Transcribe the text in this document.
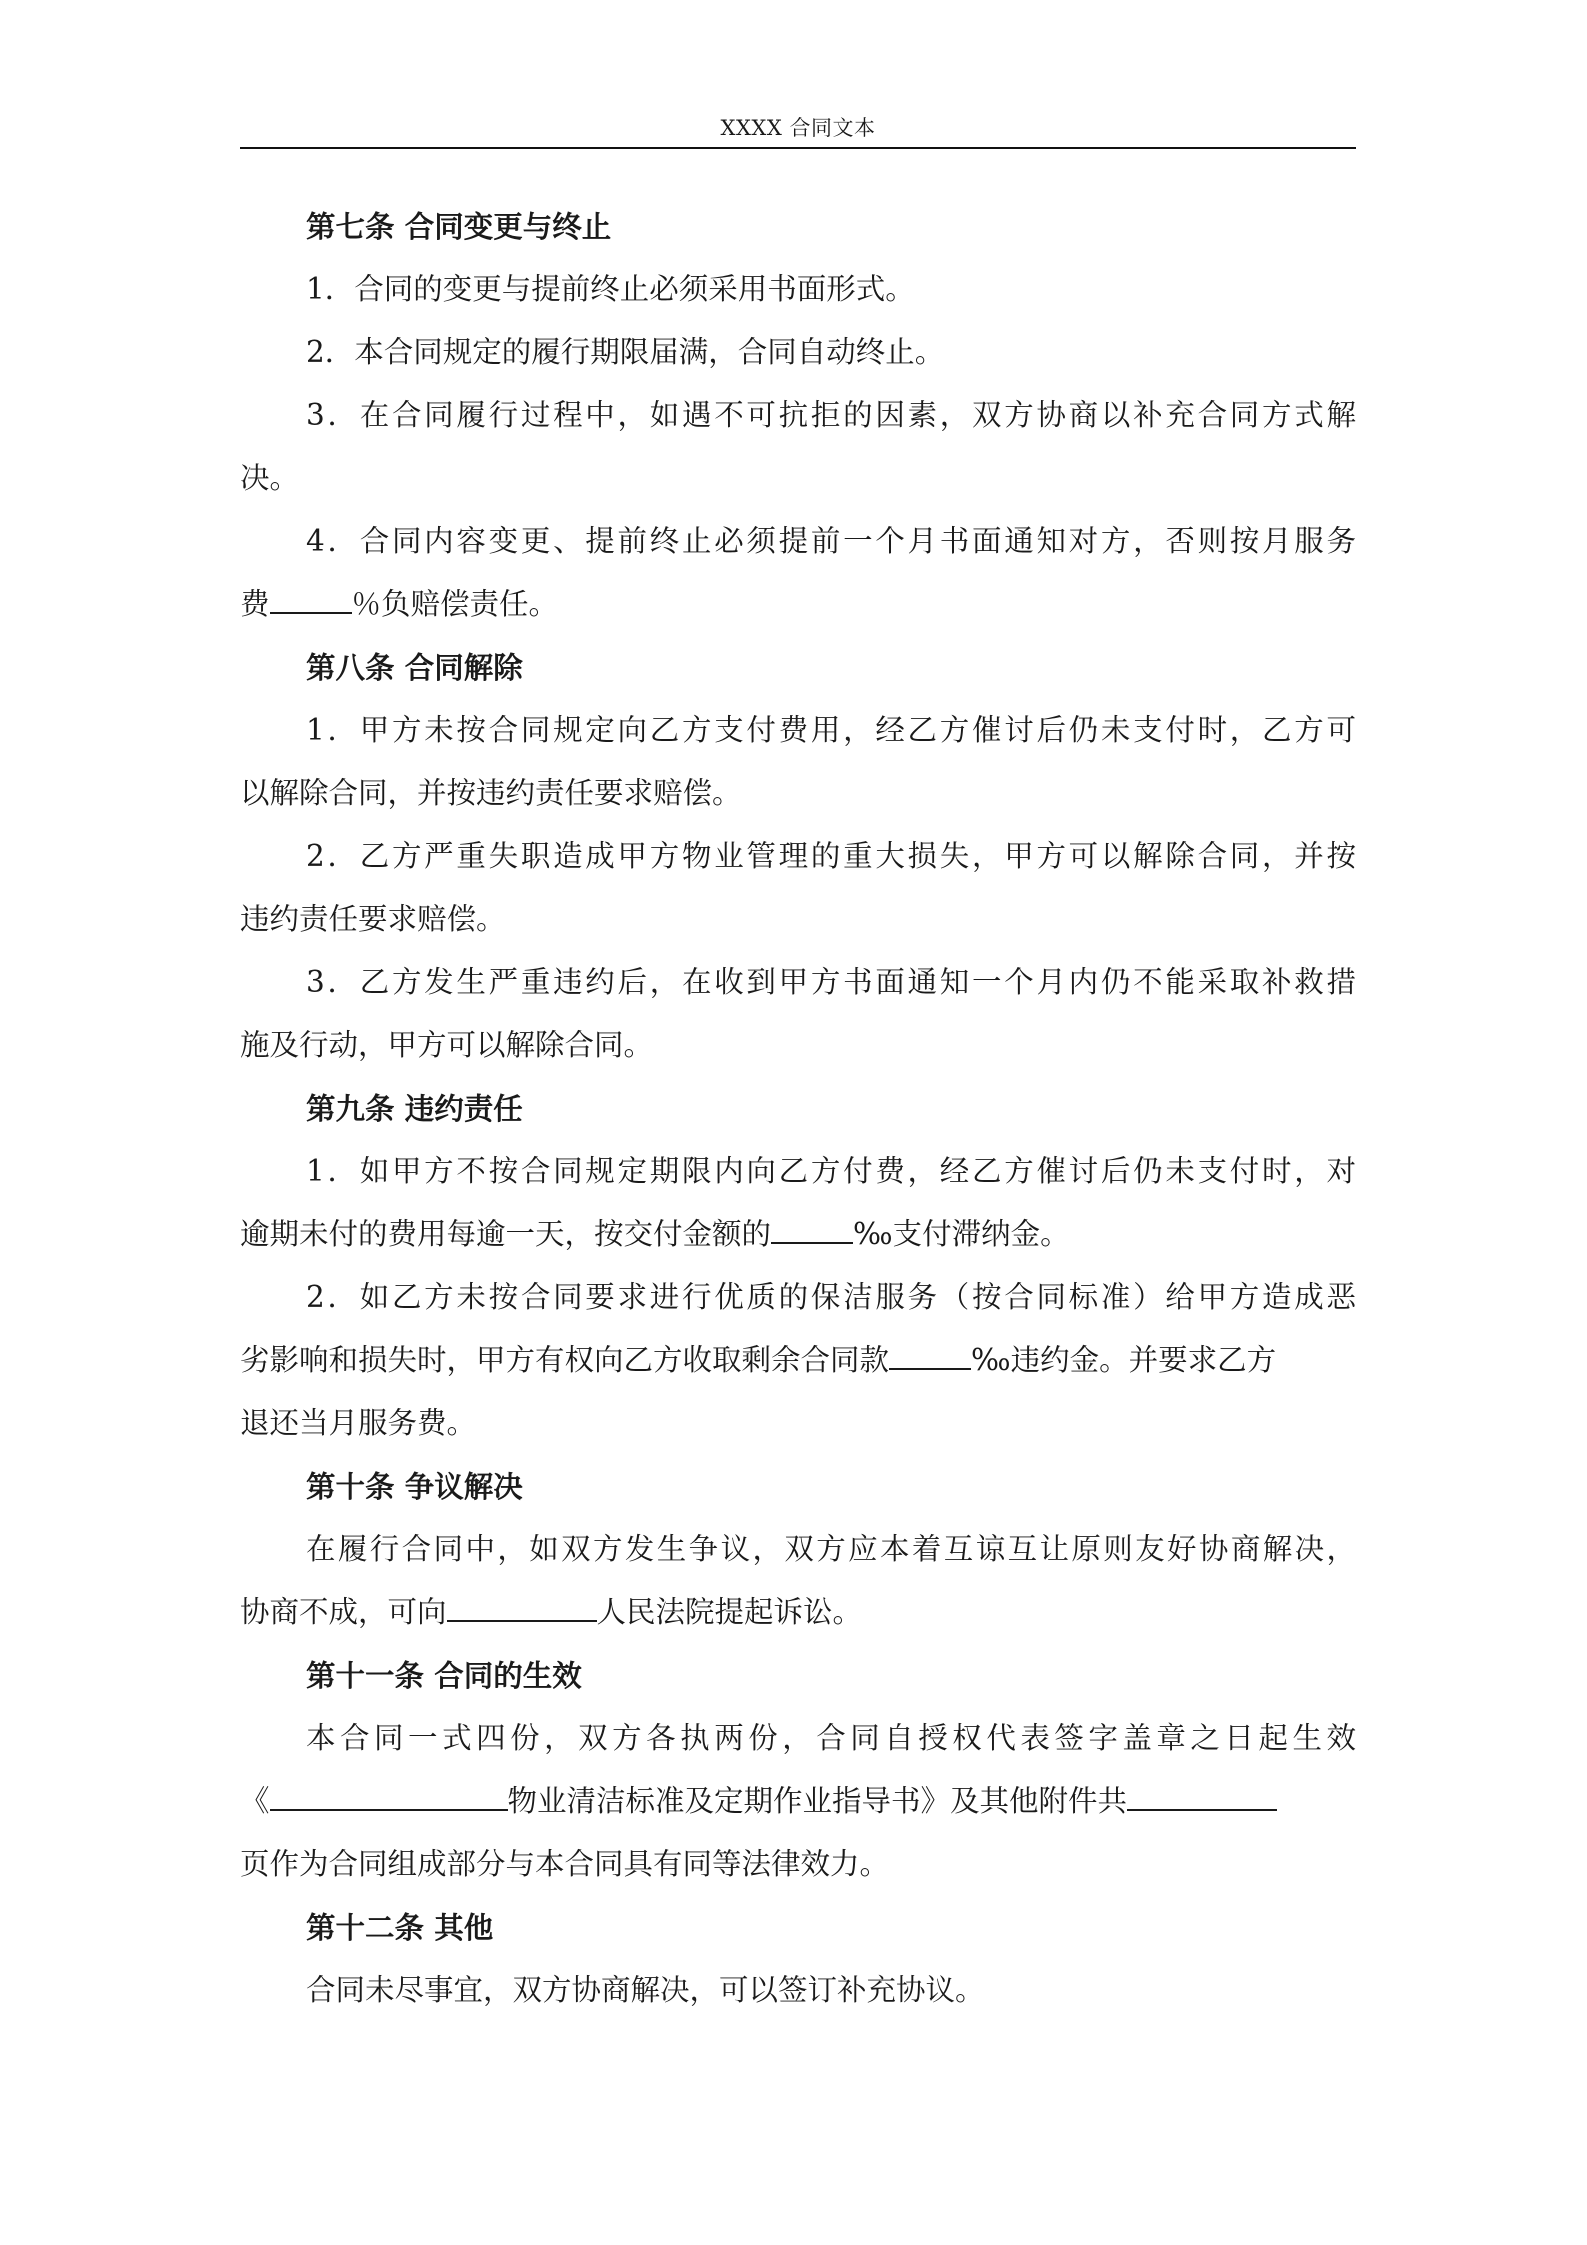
XXXX 合同文本
第七条 合同变更与终止
1．合同的变更与提前终止必须采用书面形式。
2．本合同规定的履行期限届满，合同自动终止。
3．在合同履行过程中，如遇不可抗拒的因素，双方协商以补充合同方式解
决。
4．合同内容变更、提前终止必须提前一个月书面通知对方，否则按月服务
费	％负赔偿责任。
第八条 合同解除
1．甲方未按合同规定向乙方支付费用，经乙方催讨后仍未支付时，乙方可
以解除合同，并按违约责任要求赔偿。
2．乙方严重失职造成甲方物业管理的重大损失，甲方可以解除合同，并按
违约责任要求赔偿。
3．乙方发生严重违约后，在收到甲方书面通知一个月内仍不能采取补救措
施及行动，甲方可以解除合同。
第九条 违约责任
1．如甲方不按合同规定期限内向乙方付费，经乙方催讨后仍未支付时，对
逾期未付的费用每逾一天，按交付金额的	‰支付滞纳金。
2．如乙方未按合同要求进行优质的保洁服务（按合同标准）给甲方造成恶
劣影响和损失时，甲方有权向乙方收取剩余合同款	‰违约金。并要求乙方
退还当月服务费。
第十条 争议解决
在履行合同中，如双方发生争议，双方应本着互谅互让原则友好协商解决，
协商不成，可向	人民法院提起诉讼。
第十一条 合同的生效
本合同一式四份，双方各执两份，合同自授权代表签字盖章之日起生效
《	物业清洁标准及定期作业指导书》及其他附件共
页作为合同组成部分与本合同具有同等法律效力。
第十二条 其他
合同未尽事宜，双方协商解决，可以签订补充协议。
